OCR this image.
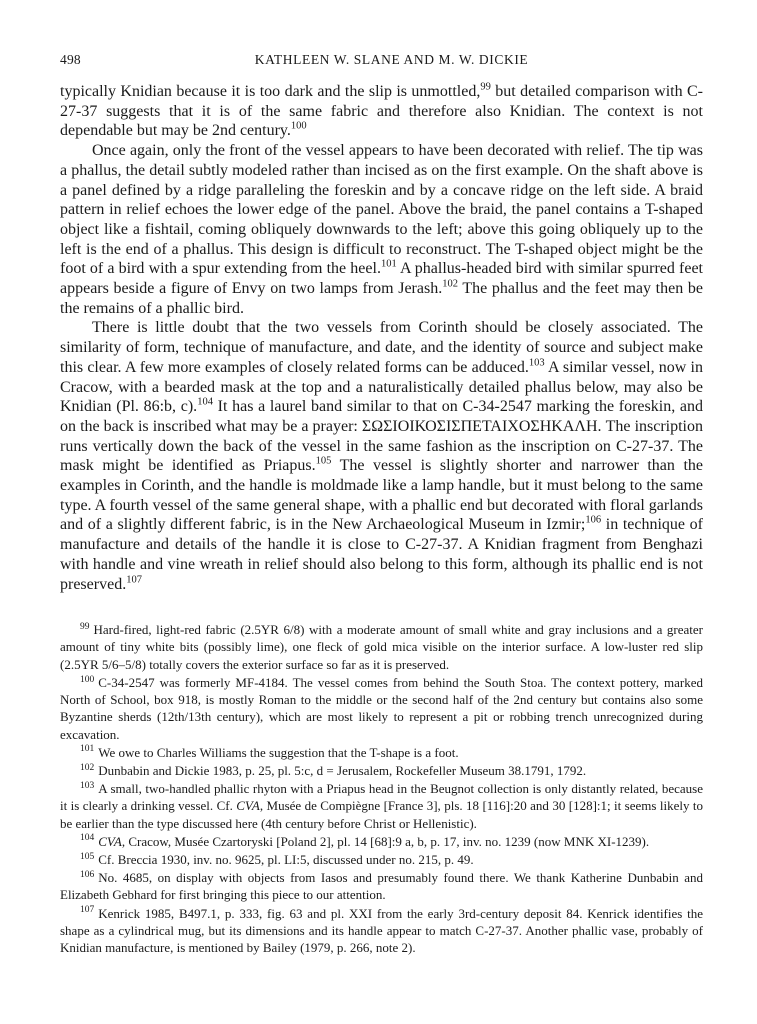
498	KATHLEEN W. SLANE AND M. W. DICKIE

typically Knidian because it is too dark and the slip is unmottled,$^{99}$ but detailed comparison with C-27-37 suggests that it is of the same fabric and therefore also Knidian. The context is not dependable but may be 2nd century.$^{100}$

Once again, only the front of the vessel appears to have been decorated with relief. The tip was a phallus, the detail subtly modeled rather than incised as on the first example. On the shaft above is a panel defined by a ridge paralleling the foreskin and by a concave ridge on the left side. A braid pattern in relief echoes the lower edge of the panel. Above the braid, the panel contains a T-shaped object like a fishtail, coming obliquely downwards to the left; above this going obliquely up to the left is the end of a phallus. This design is difficult to reconstruct. The T-shaped object might be the foot of a bird with a spur extending from the heel.$^{101}$ A phallus-headed bird with similar spurred feet appears beside a figure of Envy on two lamps from Jerash.$^{102}$ The phallus and the feet may then be the remains of a phallic bird.

There is little doubt that the two vessels from Corinth should be closely associated. The similarity of form, technique of manufacture, and date, and the identity of source and subject make this clear. A few more examples of closely related forms can be adduced.$^{103}$ A similar vessel, now in Cracow, with a bearded mask at the top and a naturalistically detailed phallus below, may also be Knidian (Pl. 86:b, c).$^{104}$ It has a laurel band similar to that on C-34-2547 marking the foreskin, and on the back is inscribed what may be a prayer: ΣΩΣΙΟΙΚΟΣΙΣΠΕΤΑΙΧΟΣΗΚΑΛΗ. The inscription runs vertically down the back of the vessel in the same fashion as the inscription on C-27-37. The mask might be identified as Priapus.$^{105}$ The vessel is slightly shorter and narrower than the examples in Corinth, and the handle is moldmade like a lamp handle, but it must belong to the same type. A fourth vessel of the same general shape, with a phallic end but decorated with floral garlands and of a slightly different fabric, is in the New Archaeological Museum in Izmir;$^{106}$ in technique of manufacture and details of the handle it is close to C-27-37. A Knidian fragment from Benghazi with handle and vine wreath in relief should also belong to this form, although its phallic end is not preserved.$^{107}$

$^{99}$ Hard-fired, light-red fabric (2.5YR 6/8) with a moderate amount of small white and gray inclusions and a greater amount of tiny white bits (possibly lime), one fleck of gold mica visible on the interior surface. A low-luster red slip (2.5YR 5/6–5/8) totally covers the exterior surface so far as it is preserved.

$^{100}$ C-34-2547 was formerly MF-4184. The vessel comes from behind the South Stoa. The context pottery, marked North of School, box 918, is mostly Roman to the middle or the second half of the 2nd century but contains also some Byzantine sherds (12th/13th century), which are most likely to represent a pit or robbing trench unrecognized during excavation.

$^{101}$ We owe to Charles Williams the suggestion that the T-shape is a foot.

$^{102}$ Dunbabin and Dickie 1983, p. 25, pl. 5:c, d = Jerusalem, Rockefeller Museum 38.1791, 1792.

$^{103}$ A small, two-handled phallic rhyton with a Priapus head in the Beugnot collection is only distantly related, because it is clearly a drinking vessel. Cf. CVA, Musée de Compiègne [France 3], pls. 18 [116]:20 and 30 [128]:1; it seems likely to be earlier than the type discussed here (4th century before Christ or Hellenistic).

$^{104}$ CVA, Cracow, Musée Czartoryski [Poland 2], pl. 14 [68]:9 a, b, p. 17, inv. no. 1239 (now MNK XI-1239).

$^{105}$ Cf. Breccia 1930, inv. no. 9625, pl. LI:5, discussed under no. 215, p. 49.

$^{106}$ No. 4685, on display with objects from Iasos and presumably found there. We thank Katherine Dunbabin and Elizabeth Gebhard for first bringing this piece to our attention.

$^{107}$ Kenrick 1985, B497.1, p. 333, fig. 63 and pl. XXI from the early 3rd-century deposit 84. Kenrick identifies the shape as a cylindrical mug, but its dimensions and its handle appear to match C-27-37. Another phallic vase, probably of Knidian manufacture, is mentioned by Bailey (1979, p. 266, note 2).
